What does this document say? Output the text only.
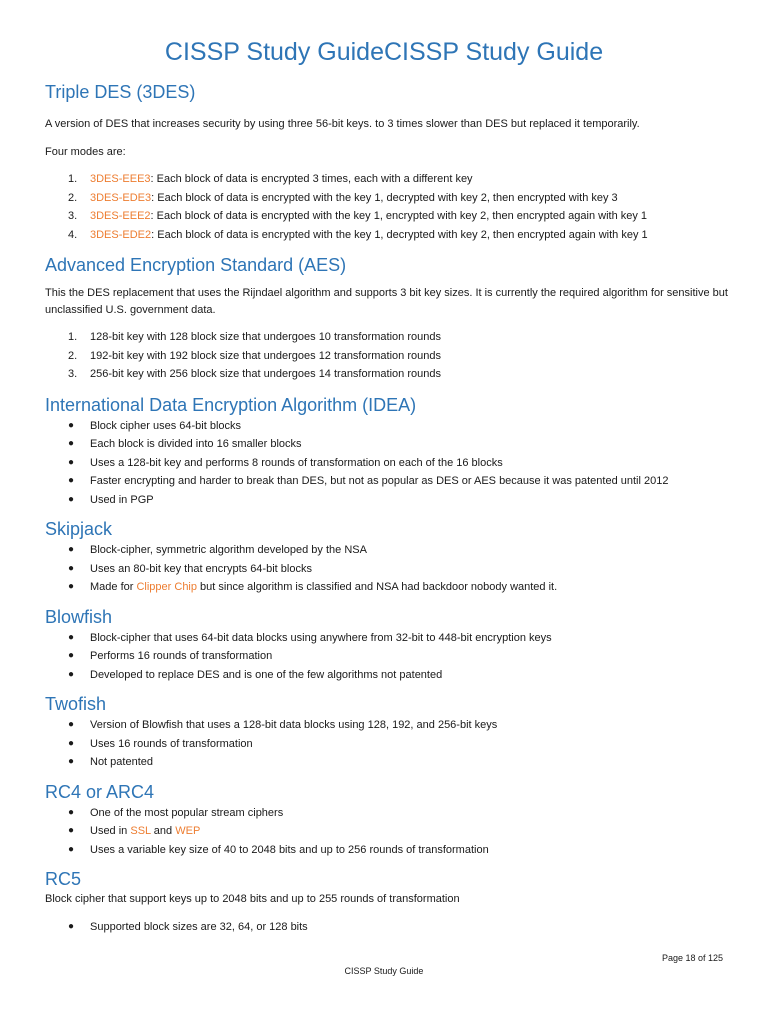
CISSP Study GuideCISSP Study Guide
Triple DES (3DES)

A version of DES that increases security by using three 56-bit keys. to 3 times slower than DES but replaced it temporarily.

Four modes are:

1. 3DES-EEE3: Each block of data is encrypted 3 times, each with a different key
2. 3DES-EDE3: Each block of data is encrypted with the key 1, decrypted with key 2, then encrypted with key 3
3. 3DES-EEE2: Each block of data is encrypted with the key 1, encrypted with key 2, then encrypted again with key 1
4. 3DES-EDE2: Each block of data is encrypted with the key 1, decrypted with key 2, then encrypted again with key 1
Advanced Encryption Standard (AES)

This the DES replacement that uses the Rijndael algorithm and supports 3 bit key sizes. It is currently the required algorithm for sensitive but unclassified U.S. government data.

1. 128-bit key with 128 block size that undergoes 10 transformation rounds
2. 192-bit key with 192 block size that undergoes 12 transformation rounds
3. 256-bit key with 256 block size that undergoes 14 transformation rounds
International Data Encryption Algorithm (IDEA)
● Block cipher uses 64-bit blocks
● Each block is divided into 16 smaller blocks
● Uses a 128-bit key and performs 8 rounds of transformation on each of the 16 blocks
● Faster encrypting and harder to break than DES, but not as popular as DES or AES because it was patented until 2012
● Used in PGP
Skipjack
● Block-cipher, symmetric algorithm developed by the NSA
● Uses an 80-bit key that encrypts 64-bit blocks
● Made for Clipper Chip but since algorithm is classified and NSA had backdoor nobody wanted it.
Blowfish
● Block-cipher that uses 64-bit data blocks using anywhere from 32-bit to 448-bit encryption keys
● Performs 16 rounds of transformation
● Developed to replace DES and is one of the few algorithms not patented
Twofish
● Version of Blowfish that uses a 128-bit data blocks using 128, 192, and 256-bit keys
● Uses 16 rounds of transformation
● Not patented
RC4 or ARC4
● One of the most popular stream ciphers
● Used in SSL and WEP
● Uses a variable key size of 40 to 2048 bits and up to 256 rounds of transformation
RC5

Block cipher that support keys up to 2048 bits and up to 255 rounds of transformation

● Supported block sizes are 32, 64, or 128 bits
Page 18 of 125
CISSP Study Guide
